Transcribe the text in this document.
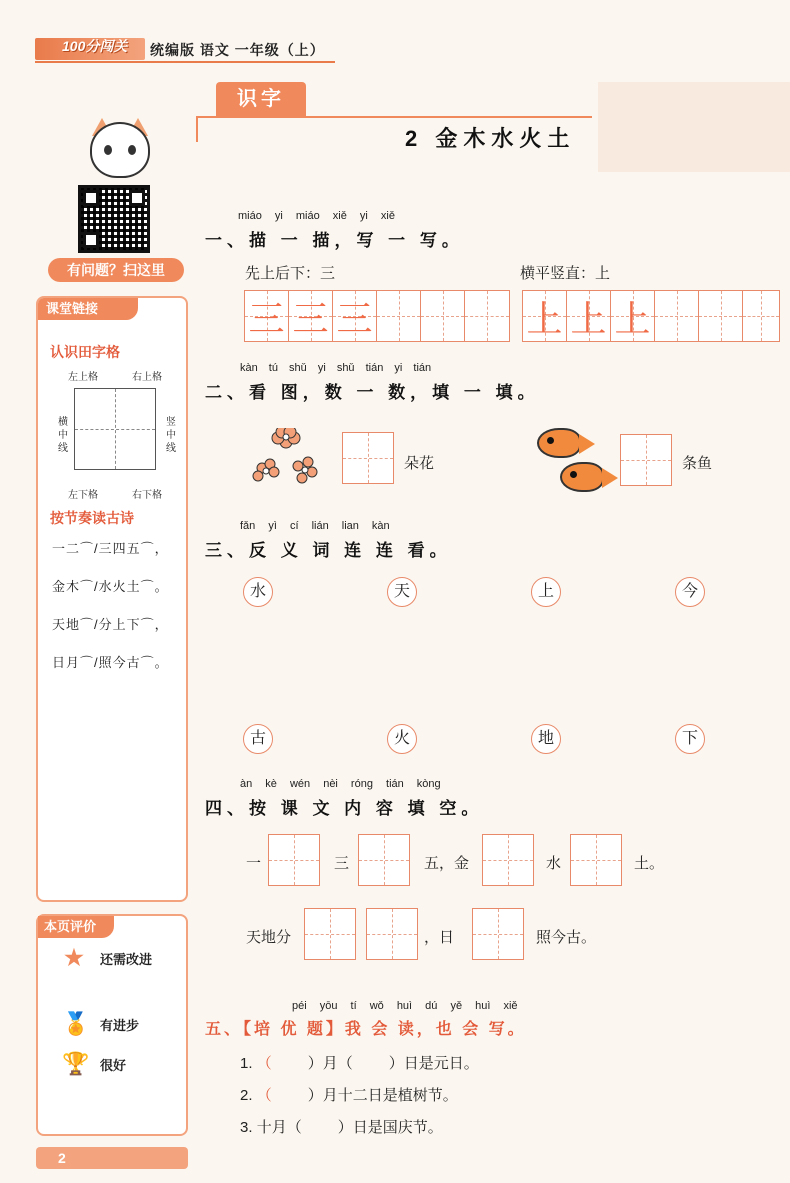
100分闯关 统编版 语文 一年级（上）
有问题？扫这里
课堂链接
认识田字格
左上格	右上格
横中线
竖中线
左下格	右下格
按节奏读古诗
一二⌒/三四五⌒，
金木⌒/水火土⌒。
天地⌒/分上下⌒，
日月⌒/照今古⌒。
本页评价
★ 还需改进
🏅 有进步
🏆 很好
2
识字
2 金木水火土
miáo yi miáo xiě yi xiě
一、描 一 描，写 一 写。
先上后下：三	横平竖直：上
三 三 三	上 上 上
kàn tú shǔ yi shǔ tián yi tián
二、看 图，数 一 数，填 一 填。
朵花	条鱼
fǎn yì cí lián lian kàn
三、反 义 词 连 连 看。
水	天	上	今
古	火	地	下
àn kè wén nèi róng tián kòng
四、按 课 文 内 容 填 空。
一	三	五，金	水	土。
天地分	，日	照今古。
péi yōu tí wǒ huì dú yě huì xiě
五、【培 优 题】我 会 读，也 会 写。
1. （ ）月（ ）日是元日。
2. （ ）月十二日是植树节。
3. 十月（ ）日是国庆节。
